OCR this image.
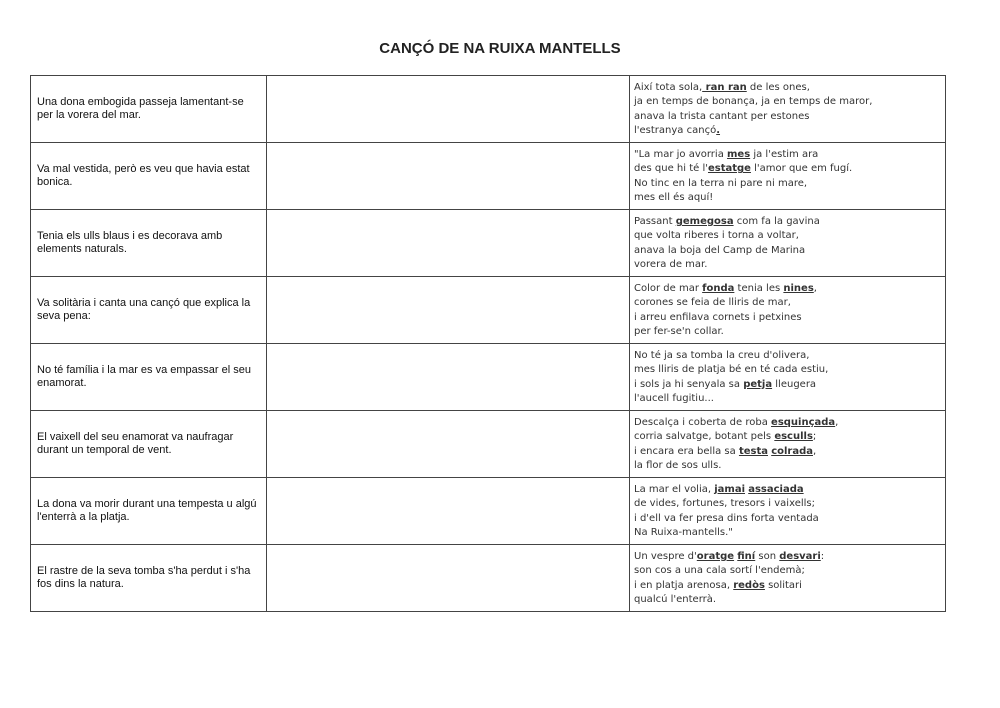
CANÇÓ DE NA RUIXA MANTELLS
Una dona embogida passeja lamentant-se per la vorera del mar.		Així tota sola, ran ran de les ones,
ja en temps de bonança, ja en temps de maror,
anava la trista cantant per estones
l'estranya cançó.

Va mal vestida, però es veu que havia estat bonica.		"La mar jo avorria mes ja l'estim ara
des que hi té l'estatge l'amor que em fugí.
No tinc en la terra ni pare ni mare,
mes ell és aquí!

Tenia els ulls blaus i es decorava amb elements naturals.		Passant gemegosa com fa la gavina
que volta riberes i torna a voltar,
anava la boja del Camp de Marina
vorera de mar.

Va solitària i canta una cançó que explica la seva pena:		Color de mar fonda tenia les nines,
corones se feia de lliris de mar,
i arreu enfilava cornets i petxines
per fer-se'n collar.

No té família i la mar es va empassar el seu enamorat.		No té ja sa tomba la creu d'olivera,
mes lliris de platja bé en té cada estiu,
i sols ja hi senyala sa petja lleugera
l'aucell fugitiu...

El vaixell del seu enamorat va naufragar durant un temporal de vent.		Descalça i coberta de roba esquinçada,
corria salvatge, botant pels esculls;
i encara era bella sa testa colrada,
la flor de sos ulls.

La dona va morir durant una tempesta u algú l'enterrà a la platja.		La mar el volia, jamai assaciada
de vides, fortunes, tresors i vaixells;
i d'ell va fer presa dins forta ventada
Na Ruixa-mantells."

El rastre de la seva tomba s'ha perdut i s'ha fos dins la natura.		Un vespre d'oratge finí son desvari:
son cos a una cala sortí l'endemà;
i en platja arenosa, redòs solitari
qualcú l'enterrà.
